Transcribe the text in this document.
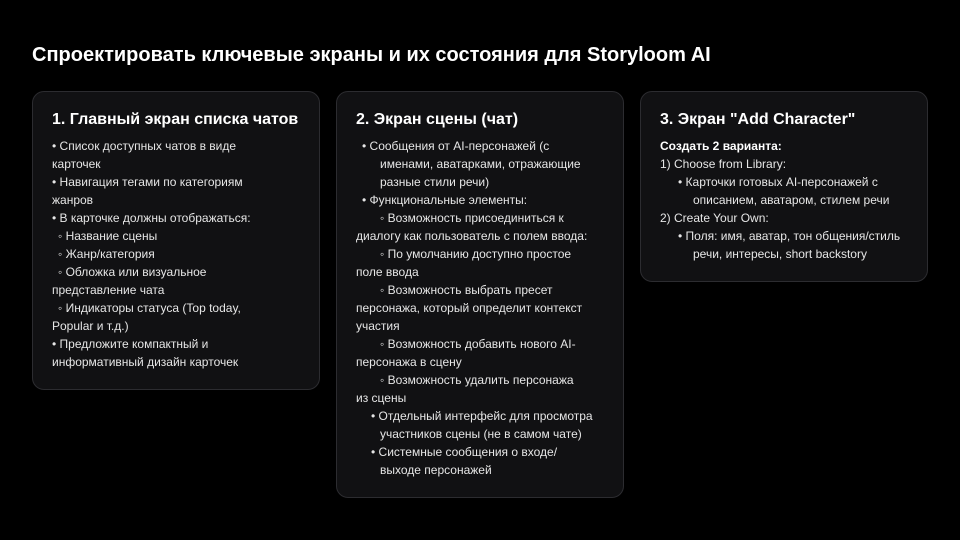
Спроектировать ключевые экраны и их состояния для Storyloom AI
1. Главный экран списка чатов
• Список доступных чатов в виде
карточек
• Навигация тегами по категориям
жанров
• В карточке должны отображаться:
◦ Название сцены
◦ Жанр/категория
◦ Обложка или визуальное
представление чата
◦ Индикаторы статуса (Top today,
Popular и т.д.)
• Предложите компактный и
информативный дизайн карточек
2. Экран сцены (чат)
• Сообщения от AI-персонажей (с
именами, аватарками, отражающие
разные стили речи)
• Функциональные элементы:
◦ Возможность присоединиться к
диалогу как пользователь с полем ввода:
◦ По умолчанию доступно простое
поле ввода
◦ Возможность выбрать пресет
персонажа, который определит контекст
участия
◦ Возможность добавить нового AI-
персонажа в сцену
◦ Возможность удалить персонажа
из сцены
• Отдельный интерфейс для просмотра
участников сцены (не в самом чате)
• Системные сообщения о входе/
выходе персонажей
3. Экран "Add Character"
Создать 2 варианта:
1) Choose from Library:
• Карточки готовых AI-персонажей с
описанием, аватаром, стилем речи
2) Create Your Own:
• Поля: имя, аватар, тон общения/стиль
речи, интересы, short backstory
